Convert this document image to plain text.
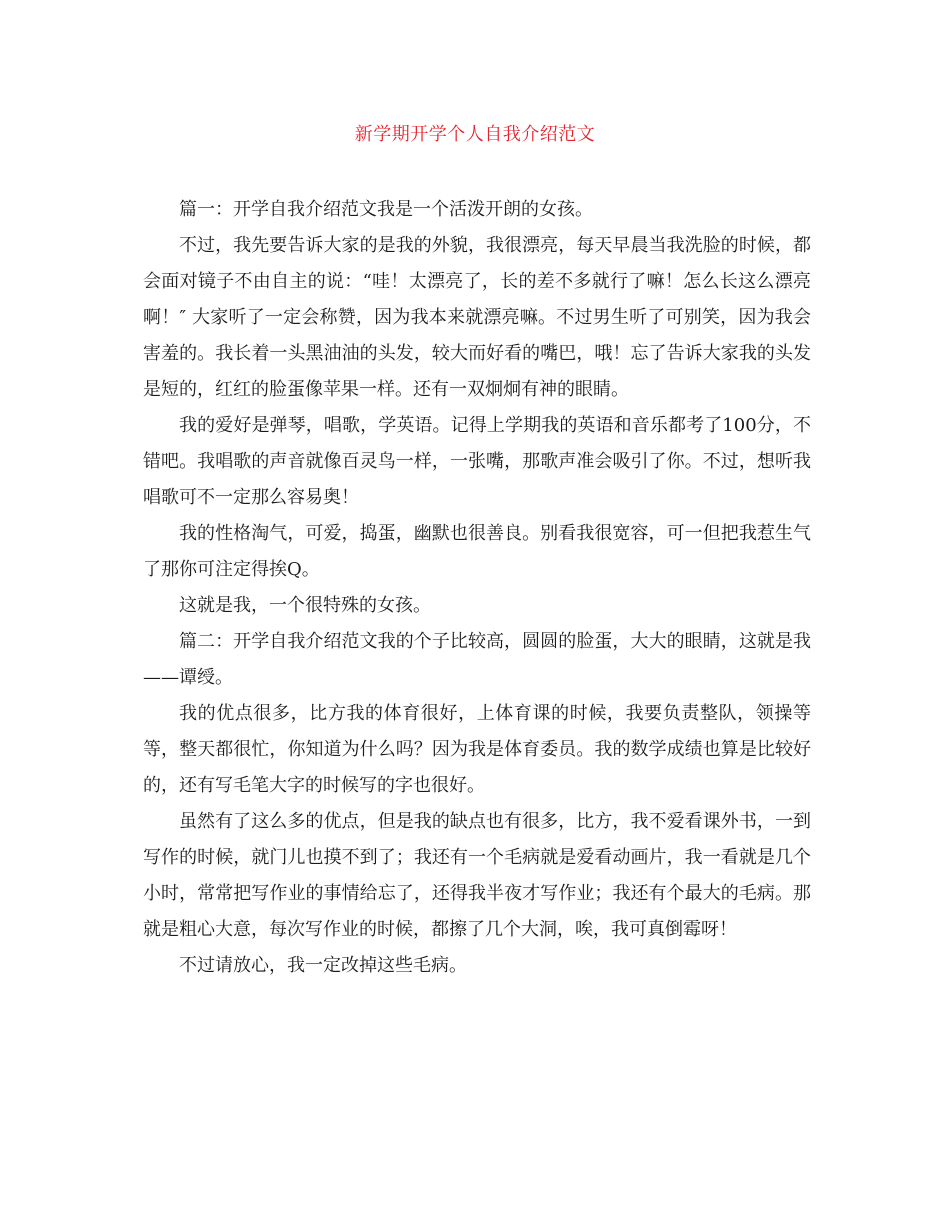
新学期开学个人自我介绍范文

篇一：开学自我介绍范文我是一个活泼开朗的女孩。

不过，我先要告诉大家的是我的外貌，我很漂亮，每天早晨当我洗脸的时候，都会面对镜子不由自主的说：“哇！太漂亮了，长的差不多就行了嘛！怎么长这么漂亮啊！″ 大家听了一定会称赞，因为我本来就漂亮嘛。不过男生听了可别笑，因为我会害羞的。我长着一头黑油油的头发，较大而好看的嘴巴，哦！忘了告诉大家我的头发是短的，红红的脸蛋像苹果一样。还有一双炯炯有神的眼睛。

我的爱好是弹琴，唱歌，学英语。记得上学期我的英语和音乐都考了100分，不错吧。我唱歌的声音就像百灵鸟一样，一张嘴，那歌声准会吸引了你。不过，想听我唱歌可不一定那么容易奥！

我的性格淘气，可爱，捣蛋，幽默也很善良。别看我很宽容，可一但把我惹生气了那你可注定得挨Q。

这就是我，一个很特殊的女孩。

篇二：开学自我介绍范文我的个子比较高，圆圆的脸蛋，大大的眼睛，这就是我——谭绶。

我的优点很多，比方我的体育很好，上体育课的时候，我要负责整队，领操等等，整天都很忙，你知道为什么吗？因为我是体育委员。我的数学成绩也算是比较好的，还有写毛笔大字的时候写的字也很好。

虽然有了这么多的优点，但是我的缺点也有很多，比方，我不爱看课外书，一到写作的时候，就门儿也摸不到了；我还有一个毛病就是爱看动画片，我一看就是几个小时，常常把写作业的事情给忘了，还得我半夜才写作业；我还有个最大的毛病。那就是粗心大意，每次写作业的时候，都擦了几个大洞，唉，我可真倒霉呀！

不过请放心，我一定改掉这些毛病。
